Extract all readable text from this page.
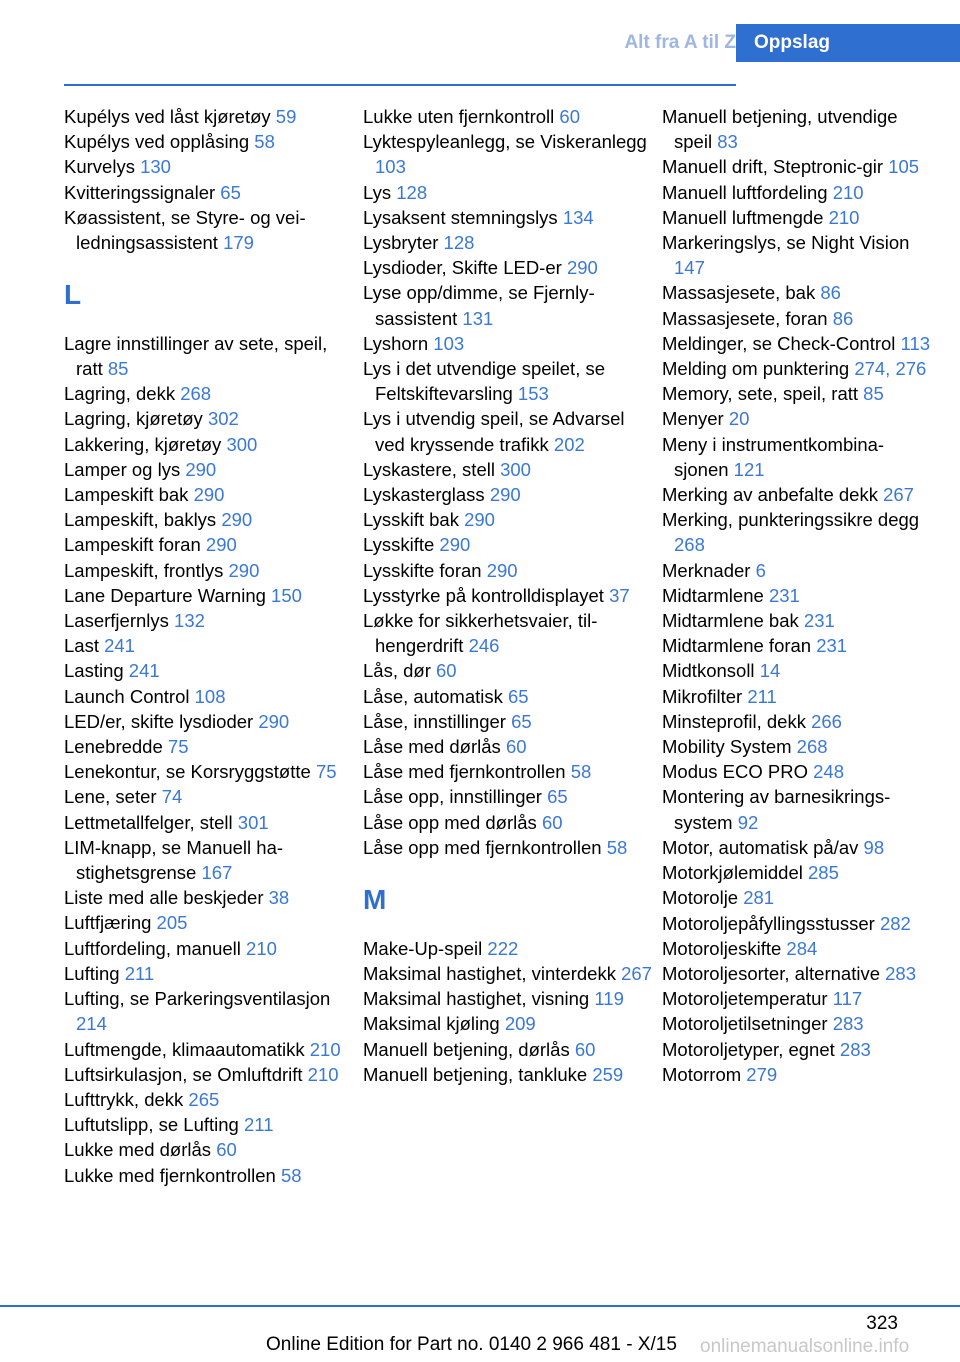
Alt fra A til Z Oppslag
Kupélys ved låst kjøretøy 59
Kupélys ved opplåsing 58
Kurvelys 130
Kvitteringssignaler 65
Køassistent, se Styre- og veiledningsassistent 179
L
Lagre innstillinger av sete, speil, ratt 85
Lagring, dekk 268
Lagring, kjøretøy 302
Lakkering, kjøretøy 300
Lamper og lys 290
Lampeskift bak 290
Lampeskift, baklys 290
Lampeskift foran 290
Lampeskift, frontlys 290
Lane Departure Warning 150
Laserfjernlys 132
Last 241
Lasting 241
Launch Control 108
LED/er, skifte lysdioder 290
Lenebredde 75
Lenekontur, se Korsryggstøtte 75
Lene, seter 74
Lettmetallfelger, stell 301
LIM-knapp, se Manuell hastighetsgrense 167
Liste med alle beskjeder 38
Luftfjæring 205
Luftfordeling, manuell 210
Lufting 211
Lufting, se Parkeringsventilasjon 214
Luftmengde, klimaautomatikk 210
Luftsirkulasjon, se Omluftdrift 210
Lufttrykk, dekk 265
Luftutslipp, se Lufting 211
Lukke med dørlås 60
Lukke med fjernkontrollen 58
Lukke uten fjernkontroll 60
Lyktespyleanlegg, se Viskeranlegg 103
Lys 128
Lysaksent stemningslys 134
Lysbryter 128
Lysdioder, Skifte LED-er 290
Lyse opp/dimme, se Fjernlysassistent 131
Lyshorn 103
Lys i det utvendige speilet, se Feltskiftevarsling 153
Lys i utvendig speil, se Advarsel ved kryssende trafikk 202
Lyskastere, stell 300
Lyskasterglass 290
Lysskift bak 290
Lysskifte 290
Lysskifte foran 290
Lysstyrke på kontrolldisplayet 37
Løkke for sikkerhetsvaier, tilhengerdrift 246
Lås, dør 60
Låse, automatisk 65
Låse, innstillinger 65
Låse med dørlås 60
Låse med fjernkontrollen 58
Låse opp, innstillinger 65
Låse opp med dørlås 60
Låse opp med fjernkontrollen 58
M
Make-Up-speil 222
Maksimal hastighet, vinterdekk 267
Maksimal hastighet, visning 119
Maksimal kjøling 209
Manuell betjening, dørlås 60
Manuell betjening, tankluke 259
Manuell betjening, utvendige speil 83
Manuell drift, Steptronic-gir 105
Manuell luftfordeling 210
Manuell luftmengde 210
Markeringslys, se Night Vision 147
Massasjesete, bak 86
Massasjesete, foran 86
Meldinger, se Check-Control 113
Melding om punktering 274, 276
Memory, sete, speil, ratt 85
Menyer 20
Meny i instrumentkombinasjonen 121
Merking av anbefalte dekk 267
Merking, punkteringssikre degg 268
Merknader 6
Midtarmlene 231
Midtarmlene bak 231
Midtarmlene foran 231
Midtkonsoll 14
Mikrofilter 211
Minsteprofil, dekk 266
Mobility System 268
Modus ECO PRO 248
Montering av barnesikringssystem 92
Motor, automatisk på/av 98
Motorkjølemiddel 285
Motorolje 281
Motoroljepåfyllingsstusser 282
Motoroljeskifte 284
Motoroljesorter, alternative 283
Motoroljetemperatur 117
Motoroljetilsetninger 283
Motoroljetyper, egnet 283
Motorrom 279
323
Online Edition for Part no. 0140 2 966 481 - X/15 onlinemanualsonline.info
